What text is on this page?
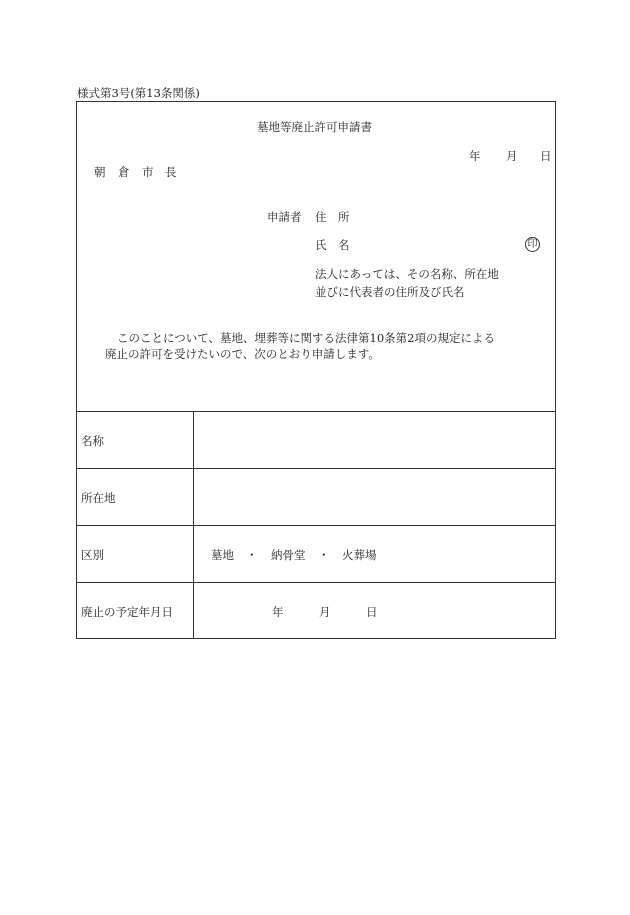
様式第3号(第13条関係)
墓地等廃止許可申請書
年 月 日
朝 倉 市 長
申請者 住 所
氏 名	印
法人にあっては、その名称、所在地
並びに代表者の住所及び氏名
このことについて、墓地、埋葬等に関する法律第10条第2項の規定による
廃止の許可を受けたいので、次のとおり申請します。
名称
所在地
区別	墓地 ・ 納骨堂 ・ 火葬場
廃止の予定年月日	年	月	日
